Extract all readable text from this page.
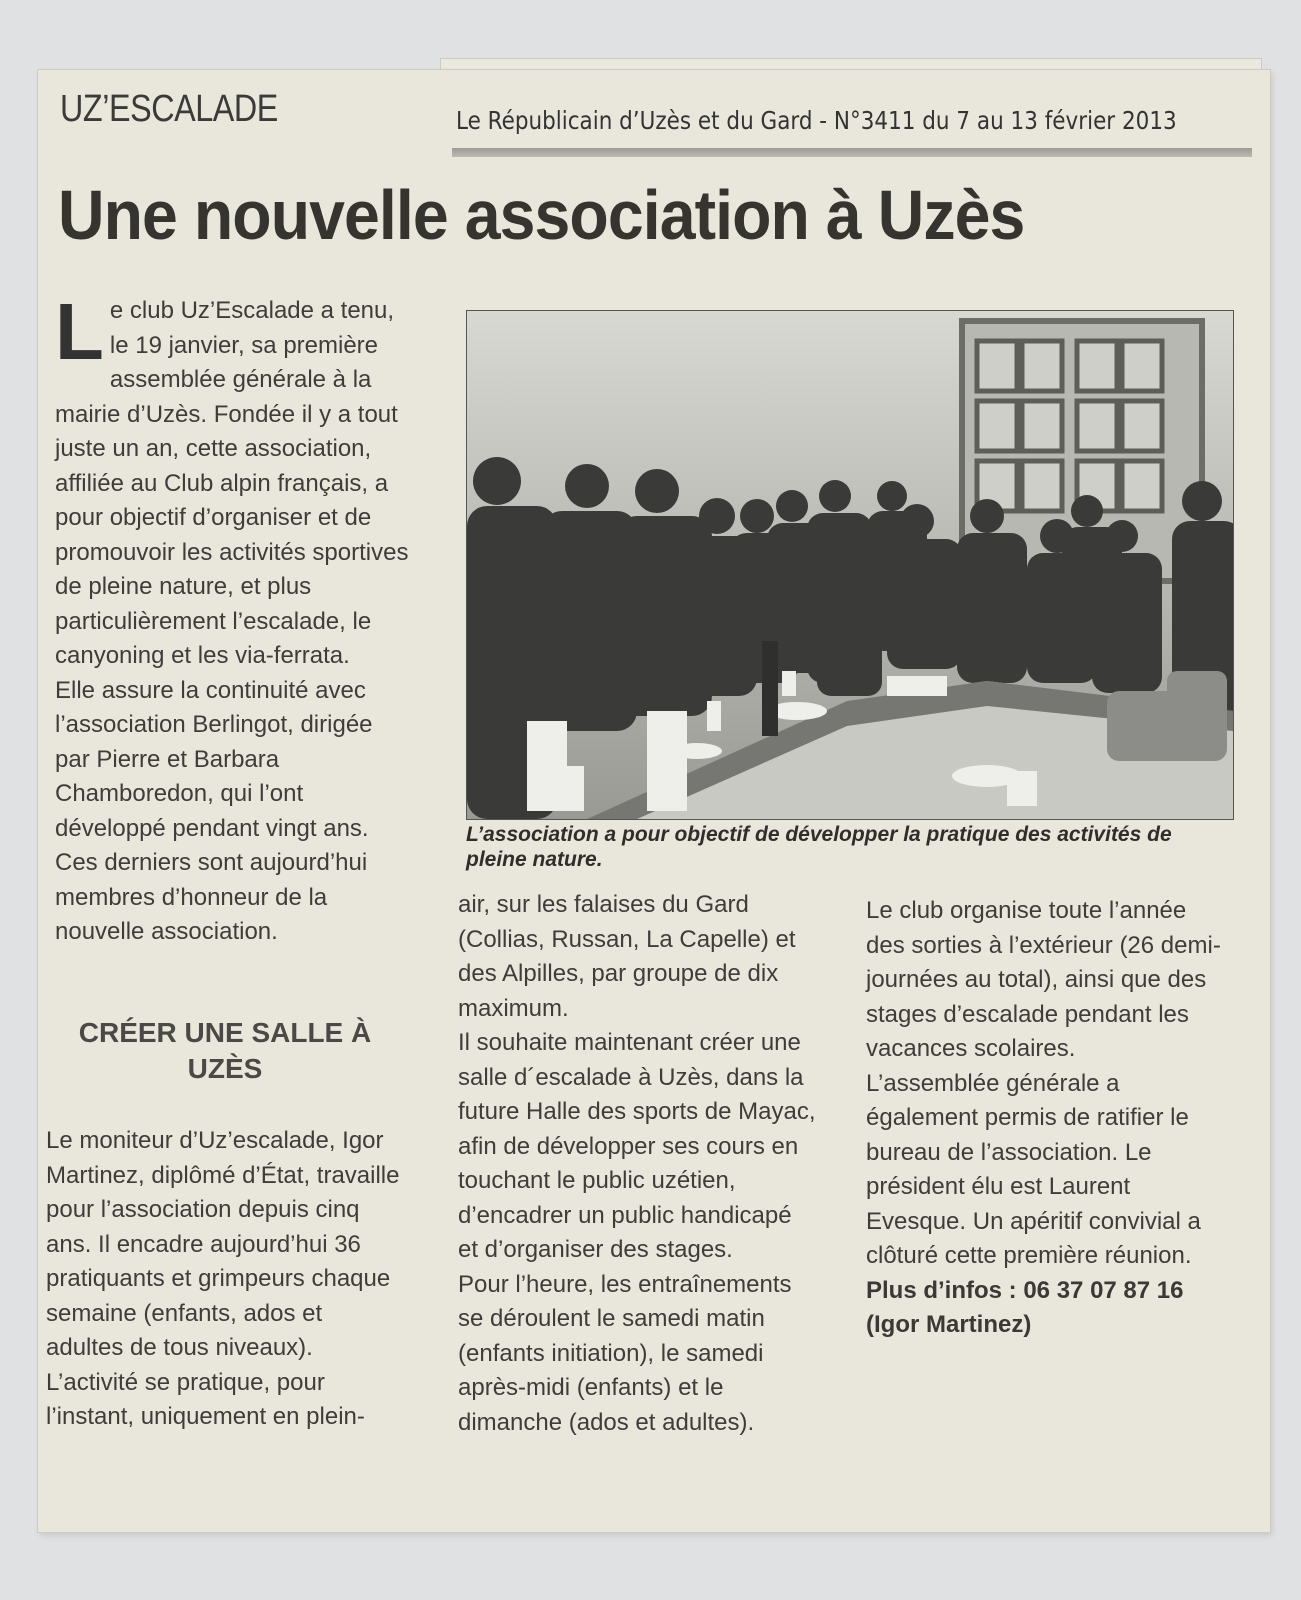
UZ’ESCALADE	Le Républicain d’Uzès et du Gard - N°3411 du 7 au 13 février 2013
Une nouvelle association à Uzès
L e club Uz’Escalade a tenu, le 19 janvier, sa première assemblée générale à la mairie d’Uzès. Fondée il y a tout juste un an, cette association, affiliée au Club alpin français, a pour objectif d’organiser et de promouvoir les activités sportives de pleine nature, et plus particulièrement l’escalade, le canyoning et les via-ferrata.

Elle assure la continuité avec l’association Berlingot, dirigée par Pierre et Barbara Chamboredon, qui l’ont développé pendant vingt ans. Ces derniers sont aujourd’hui membres d’honneur de la nouvelle association.

CRÉER UNE SALLE À UZÈS

Le moniteur d’Uz’escalade, Igor Martinez, diplômé d’État, travaille pour l’association depuis cinq ans. Il encadre aujourd’hui 36 pratiquants et grimpeurs chaque semaine (enfants, ados et adultes de tous niveaux).

L’activité se pratique, pour l’instant, uniquement en plein-

L’association a pour objectif de développer la pratique des activités de pleine nature.

air, sur les falaises du Gard (Collias, Russan, La Capelle) et des Alpilles, par groupe de dix maximum.

Il souhaite maintenant créer une salle d´escalade à Uzès, dans la future Halle des sports de Mayac, afin de développer ses cours en touchant le public uzétien, d’encadrer un public handicapé et d’organiser des stages.

Pour l’heure, les entraînements se déroulent le samedi matin (enfants initiation), le samedi après-midi (enfants) et le dimanche (ados et adultes).

Le club organise toute l’année des sorties à l’extérieur (26 demi-journées au total), ainsi que des stages d’escalade pendant les vacances scolaires.

L’assemblée générale a également permis de ratifier le bureau de l’association. Le président élu est Laurent Evesque. Un apéritif convivial a clôturé cette première réunion.

Plus d’infos : 06 37 07 87 16 (Igor Martinez)
